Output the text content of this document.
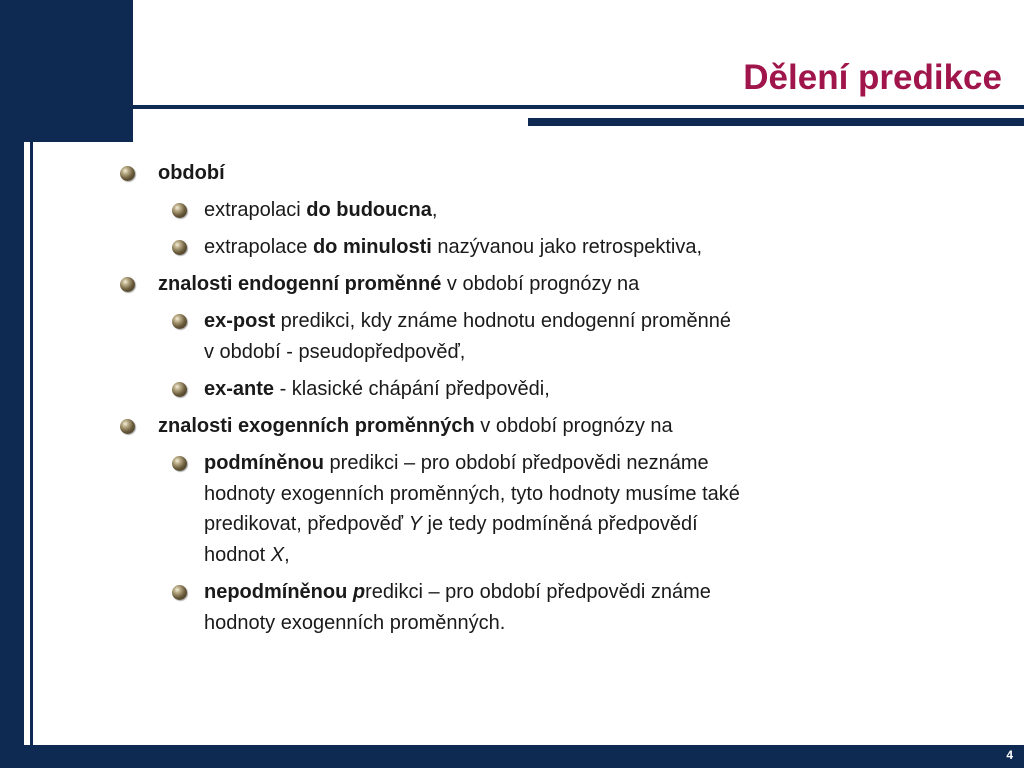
Dělení predikce
4
období
extrapolaci do budoucna,
extrapolace do minulosti nazývanou jako retrospektiva,
znalosti endogenní proměnné v období prognózy na
ex-post predikci, kdy známe hodnotu endogenní proměnné
v období - pseudopředpověď,
ex-ante - klasické chápání předpovědi,
znalosti exogenních proměnných v období prognózy na
podmíněnou predikci – pro období předpovědi neznáme
hodnoty exogenních proměnných, tyto hodnoty musíme také
predikovat, předpověď Y je tedy podmíněná předpovědí
hodnot X,
nepodmíněnou predikci – pro období předpovědi známe
hodnoty exogenních proměnných.
